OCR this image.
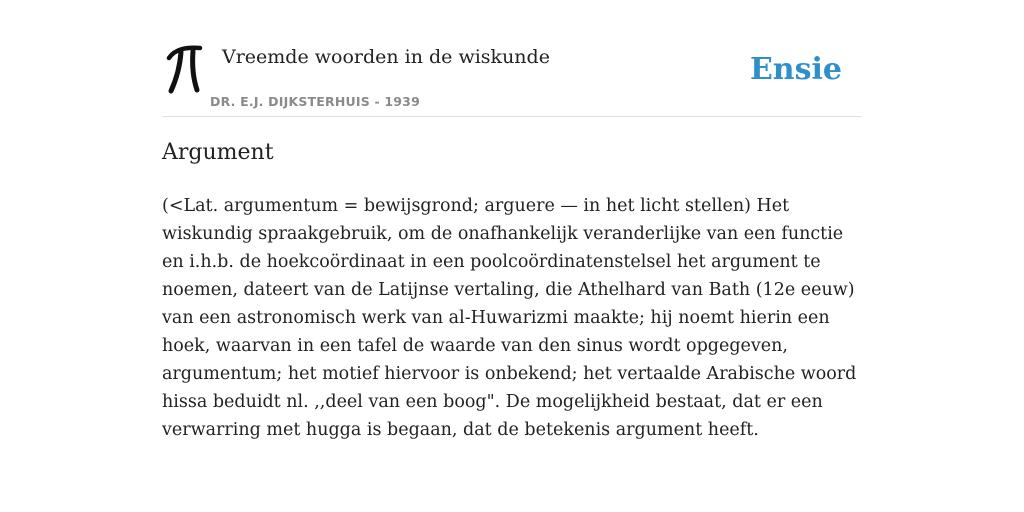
Vreemde woorden in de wiskunde
DR. E.J. DIJKSTERHUIS - 1939
Ensie
Argument

(<Lat. argumentum = bewijsgrond; arguere — in het licht stellen) Het wiskundig spraakgebruik, om de onafhankelijk veranderlijke van een functie en i.h.b. de hoekcoördinaat in een poolcoördinatenstelsel het argument te noemen, dateert van de Latijnse vertaling, die Athelhard van Bath (12e eeuw) van een astronomisch werk van al-Huwarizmi maakte; hij noemt hierin een hoek, waarvan in een tafel de waarde van den sinus wordt opgegeven, argumentum; het motief hiervoor is onbekend; het vertaalde Arabische woord hissa beduidt nl. ,,deel van een boog". De mogelijkheid bestaat, dat er een verwarring met hugga is begaan, dat de betekenis argument heeft.
